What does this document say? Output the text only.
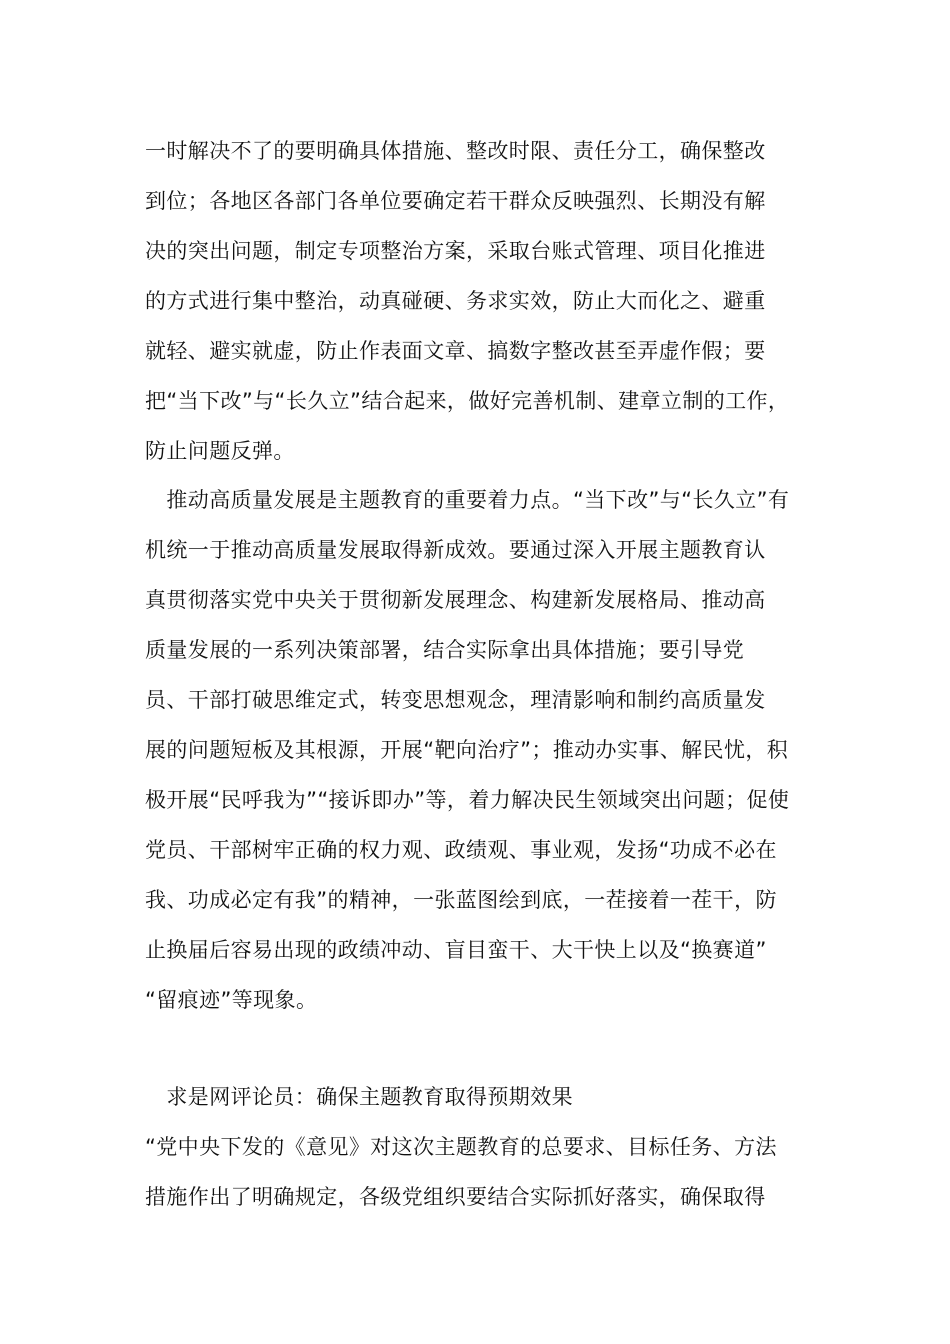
一时解决不了的要明确具体措施、整改时限、责任分工，确保整改
到位；各地区各部门各单位要确定若干群众反映强烈、长期没有解
决的突出问题，制定专项整治方案，采取台账式管理、项目化推进
的方式进行集中整治，动真碰硬、务求实效，防止大而化之、避重
就轻、避实就虚，防止作表面文章、搞数字整改甚至弄虚作假；要
把“当下改”与“长久立”结合起来，做好完善机制、建章立制的工作，
防止问题反弹。
　推动高质量发展是主题教育的重要着力点。“当下改”与“长久立”有
机统一于推动高质量发展取得新成效。要通过深入开展主题教育认
真贯彻落实党中央关于贯彻新发展理念、构建新发展格局、推动高
质量发展的一系列决策部署，结合实际拿出具体措施；要引导党
员、干部打破思维定式，转变思想观念，理清影响和制约高质量发
展的问题短板及其根源，开展“靶向治疗”；推动办实事、解民忧，积
极开展“民呼我为”“接诉即办”等，着力解决民生领域突出问题；促使
党员、干部树牢正确的权力观、政绩观、事业观，发扬“功成不必在
我、功成必定有我”的精神，一张蓝图绘到底，一茬接着一茬干，防
止换届后容易出现的政绩冲动、盲目蛮干、大干快上以及“换赛道”
“留痕迹”等现象。
　求是网评论员：确保主题教育取得预期效果
“党中央下发的《意见》对这次主题教育的总要求、目标任务、方法
措施作出了明确规定，各级党组织要结合实际抓好落实，确保取得
